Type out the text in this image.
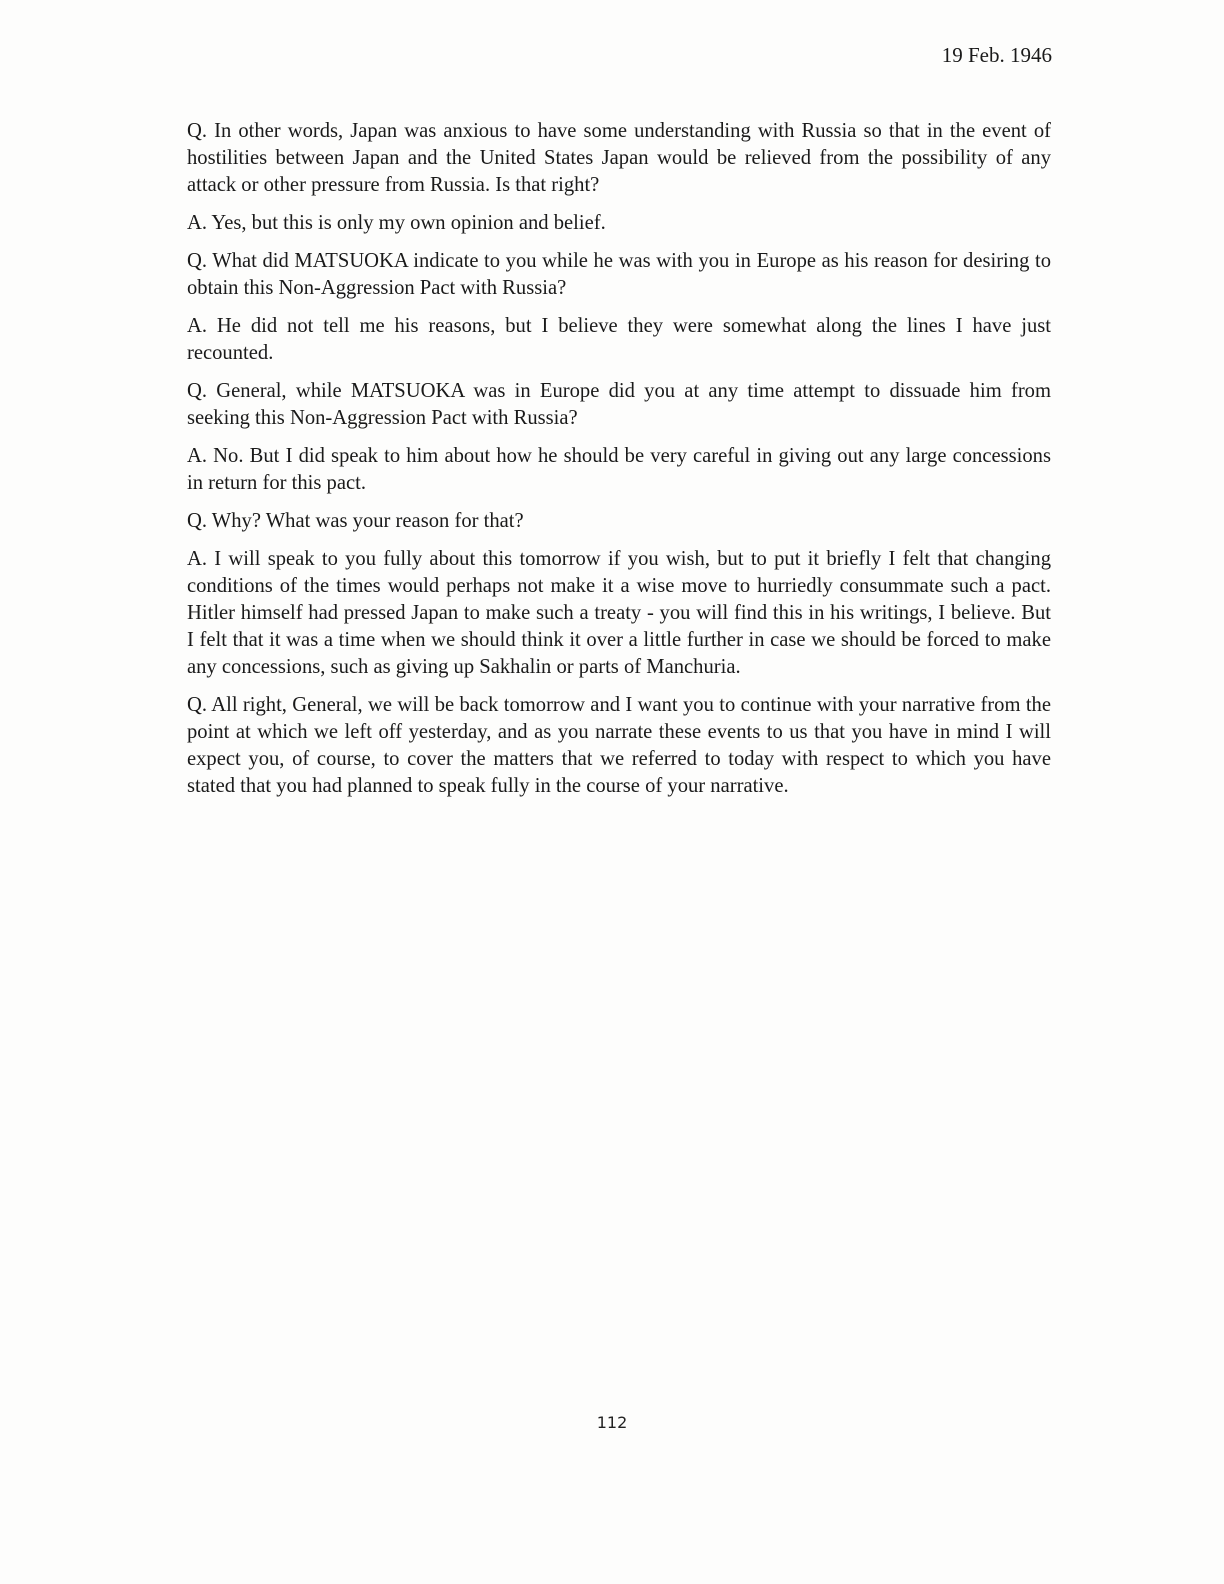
19 Feb. 1946

Q. In other words, Japan was anxious to have some understanding with Russia so that in the event of hostilities between Japan and the United States Japan would be relieved from the possibility of any attack or other pressure from Russia. Is that right?

A. Yes, but this is only my own opinion and belief.

Q. What did MATSUOKA indicate to you while he was with you in Europe as his reason for desiring to obtain this Non-Aggression Pact with Russia?

A. He did not tell me his reasons, but I believe they were somewhat along the lines I have just recounted.

Q. General, while MATSUOKA was in Europe did you at any time attempt to dissuade him from seeking this Non-Aggression Pact with Russia?

A. No. But I did speak to him about how he should be very careful in giving out any large concessions in return for this pact.

Q. Why? What was your reason for that?

A. I will speak to you fully about this tomorrow if you wish, but to put it briefly I felt that changing conditions of the times would perhaps not make it a wise move to hurriedly consummate such a pact. Hitler himself had pressed Japan to make such a treaty - you will find this in his writings, I believe. But I felt that it was a time when we should think it over a little further in case we should be forced to make any concessions, such as giving up Sakhalin or parts of Manchuria.

Q. All right, General, we will be back tomorrow and I want you to continue with your narrative from the point at which we left off yesterday, and as you narrate these events to us that you have in mind I will expect you, of course, to cover the matters that we referred to today with respect to which you have stated that you had planned to speak fully in the course of your narrative.

112
